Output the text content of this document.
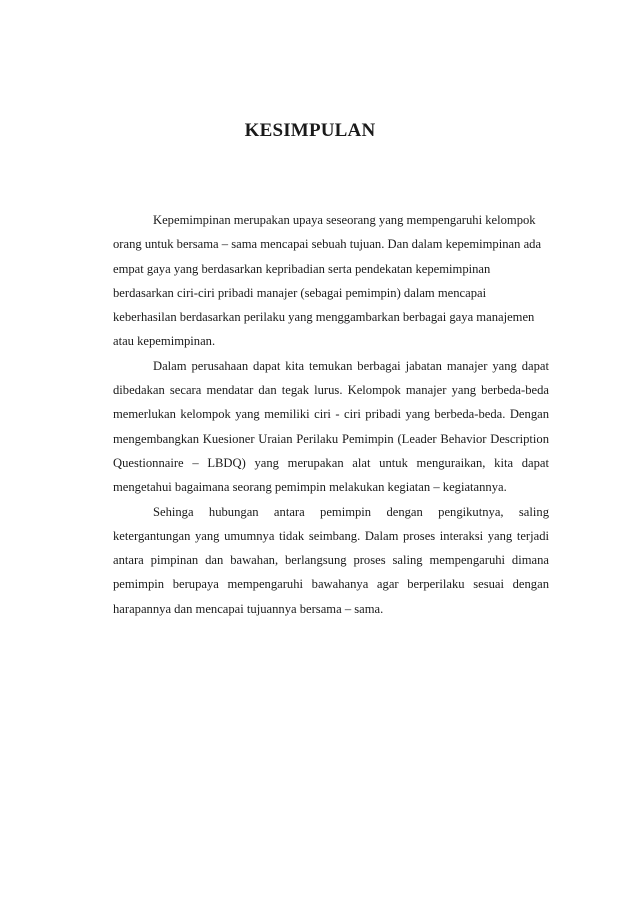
KESIMPULAN

Kepemimpinan merupakan upaya seseorang yang mempengaruhi kelompok orang untuk bersama – sama mencapai sebuah tujuan. Dan dalam kepemimpinan ada empat gaya yang berdasarkan kepribadian serta pendekatan kepemimpinan berdasarkan ciri-ciri pribadi manajer (sebagai pemimpin) dalam mencapai keberhasilan berdasarkan perilaku yang menggambarkan berbagai gaya manajemen atau kepemimpinan.

Dalam perusahaan dapat kita temukan berbagai jabatan manajer yang dapat dibedakan secara mendatar dan tegak lurus. Kelompok manajer yang berbeda-beda memerlukan kelompok yang memiliki ciri - ciri pribadi yang berbeda-beda. Dengan mengembangkan Kuesioner Uraian Perilaku Pemimpin (Leader Behavior Description Questionnaire – LBDQ) yang merupakan alat untuk menguraikan, kita dapat mengetahui bagaimana seorang pemimpin melakukan kegiatan – kegiatannya.

Sehinga hubungan antara pemimpin dengan pengikutnya, saling ketergantungan yang umumnya tidak seimbang. Dalam proses interaksi yang terjadi antara pimpinan dan bawahan, berlangsung proses saling mempengaruhi dimana pemimpin berupaya mempengaruhi bawahanya agar berperilaku sesuai dengan harapannya dan mencapai tujuannya bersama – sama.
